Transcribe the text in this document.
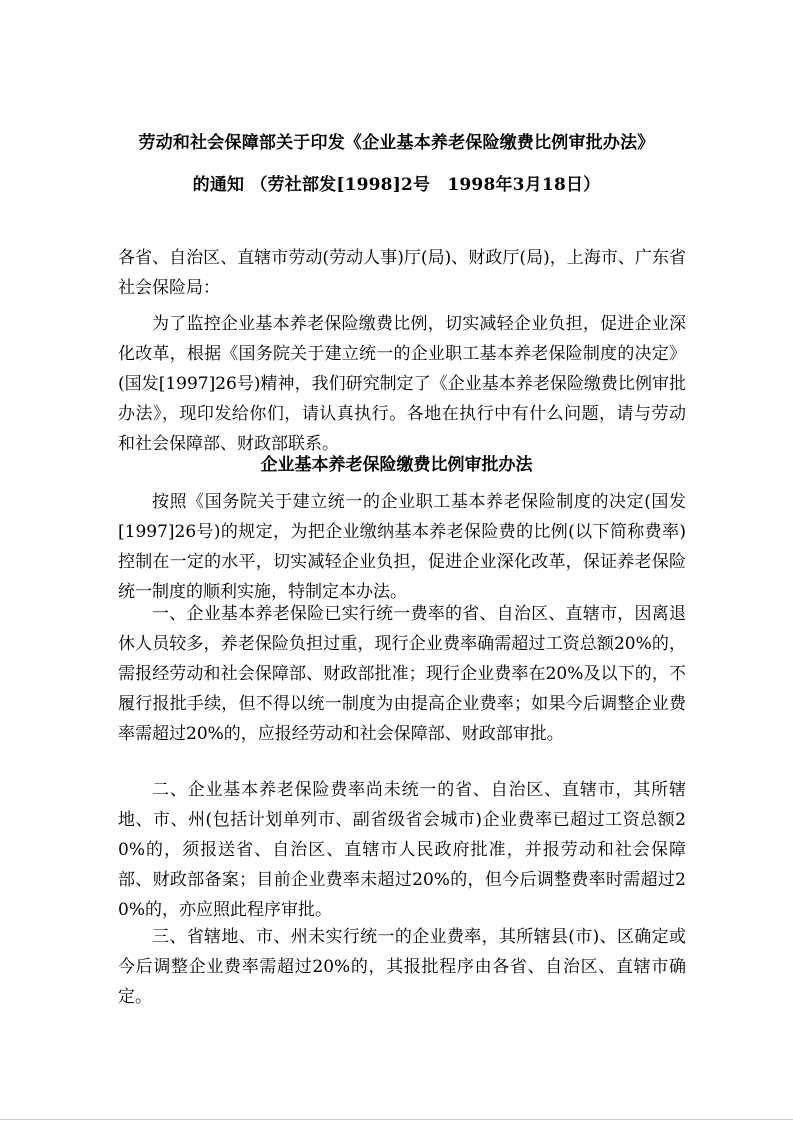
劳动和社会保障部关于印发《企业基本养老保险缴费比例审批办法》
的通知 （劳社部发[1998]2号　1998年3月18日）

各省、自治区、直辖市劳动(劳动人事)厅(局)、财政厅(局)，上海市、广东省社会保险局：

为了监控企业基本养老保险缴费比例，切实减轻企业负担，促进企业深化改革，根据《国务院关于建立统一的企业职工基本养老保险制度的决定》(国发[1997]26号)精神，我们研究制定了《企业基本养老保险缴费比例审批办法》，现印发给你们，请认真执行。各地在执行中有什么问题，请与劳动和社会保障部、财政部联系。

企业基本养老保险缴费比例审批办法

按照《国务院关于建立统一的企业职工基本养老保险制度的决定(国发[1997]26号)的规定，为把企业缴纳基本养老保险费的比例(以下简称费率)控制在一定的水平，切实减轻企业负担，促进企业深化改革，保证养老保险统一制度的顺利实施，特制定本办法。

一、企业基本养老保险已实行统一费率的省、自治区、直辖市，因离退休人员较多，养老保险负担过重，现行企业费率确需超过工资总额20%的，需报经劳动和社会保障部、财政部批准；现行企业费率在20%及以下的，不履行报批手续，但不得以统一制度为由提高企业费率；如果今后调整企业费率需超过20%的，应报经劳动和社会保障部、财政部审批。

二、企业基本养老保险费率尚未统一的省、自治区、直辖市，其所辖地、市、州(包括计划单列市、副省级省会城市)企业费率已超过工资总额20%的，须报送省、自治区、直辖市人民政府批准，并报劳动和社会保障部、财政部备案；目前企业费率未超过20%的，但今后调整费率时需超过20%的，亦应照此程序审批。

三、省辖地、市、州未实行统一的企业费率，其所辖县(市)、区确定或今后调整企业费率需超过20%的，其报批程序由各省、自治区、直辖市确定。
